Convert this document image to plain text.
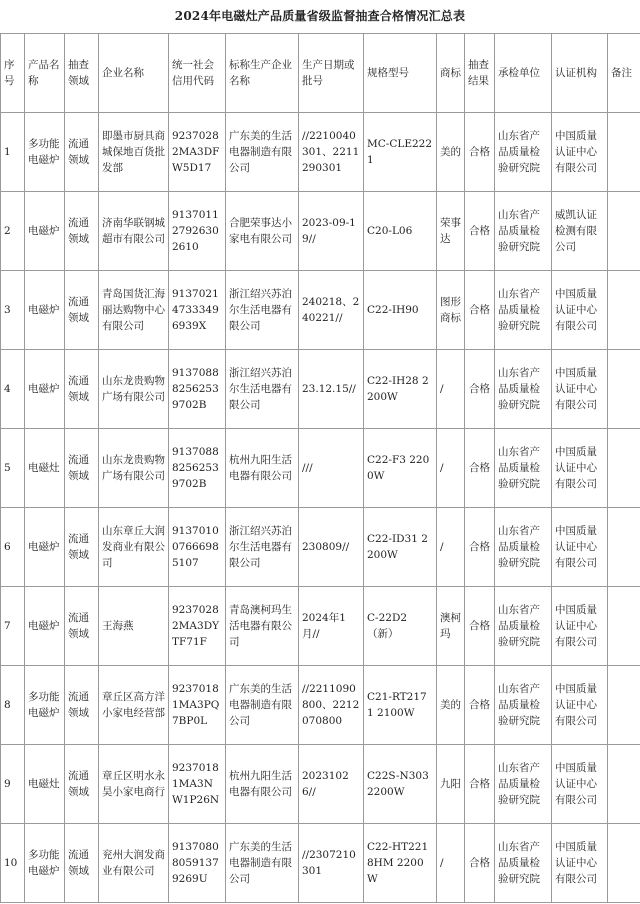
2024年电磁灶产品质量省级监督抽查合格情况汇总表
序号	产品名称	抽查领域	企业名称	统一社会信用代码	标称生产企业名称	生产日期或批号	规格型号	商标	抽查结果	承检单位	认证机构	备注
1	多功能电磁炉	流通领域	即墨市厨具商城保地百货批发部	92370282MA3DFW5D17	广东美的生活电器制造有限公司	//2210040301、2211290301	MC-CLE2221	美的	合格	山东省产品质量检验研究院	中国质量认证中心有限公司	
2	电磁炉	流通领域	济南华联钢城超市有限公司	913701127926302610	合肥荣事达小家电有限公司	2023-09-19//	C20-L06	荣事达	合格	山东省产品质量检验研究院	威凯认证检测有限公司	
3	电磁炉	流通领域	青岛国货汇海丽达购物中心有限公司	913702147333496939X	浙江绍兴苏泊尔生活电器有限公司	240218、240221//	C22-IH90	图形商标	合格	山东省产品质量检验研究院	中国质量认证中心有限公司	
4	电磁炉	流通领域	山东龙贵购物广场有限公司	913708882562539702B	浙江绍兴苏泊尔生活电器有限公司	23.12.15//	C22-IH28 2200W	/	合格	山东省产品质量检验研究院	中国质量认证中心有限公司	
5	电磁灶	流通领域	山东龙贵购物广场有限公司	913708882562539702B	杭州九阳生活电器有限公司	///	C22-F3 2200W	/	合格	山东省产品质量检验研究院	中国质量认证中心有限公司	
6	电磁炉	流通领域	山东章丘大润发商业有限公司	913701007666985107	浙江绍兴苏泊尔生活电器有限公司	230809//	C22-ID31 2200W	/	合格	山东省产品质量检验研究院	中国质量认证中心有限公司	
7	电磁炉	流通领域	王海燕	92370282MA3DYTF71F	青岛澳柯玛生活电器有限公司	2024年1月//	C-22D2（新）	澳柯玛	合格	山东省产品质量检验研究院	中国质量认证中心有限公司	
8	多功能电磁炉	流通领域	章丘区高方洋小家电经营部	92370181MA3PQ7BP0L	广东美的生活电器制造有限公司	//2211090800、2212070800	C21-RT2171 2100W	美的	合格	山东省产品质量检验研究院	中国质量认证中心有限公司	
9	电磁灶	流通领域	章丘区明水永昊小家电商行	92370181MA3NW1P26N	杭州九阳生活电器有限公司	20231026//	C22S-N3032200W	九阳	合格	山东省产品质量检验研究院	中国质量认证中心有限公司	
10	多功能电磁炉	流通领域	兖州大润发商业有限公司	913708080591379269U	广东美的生活电器制造有限公司	//2307210301	C22-HT2218HM 2200W	/	合格	山东省产品质量检验研究院	中国质量认证中心有限公司	
